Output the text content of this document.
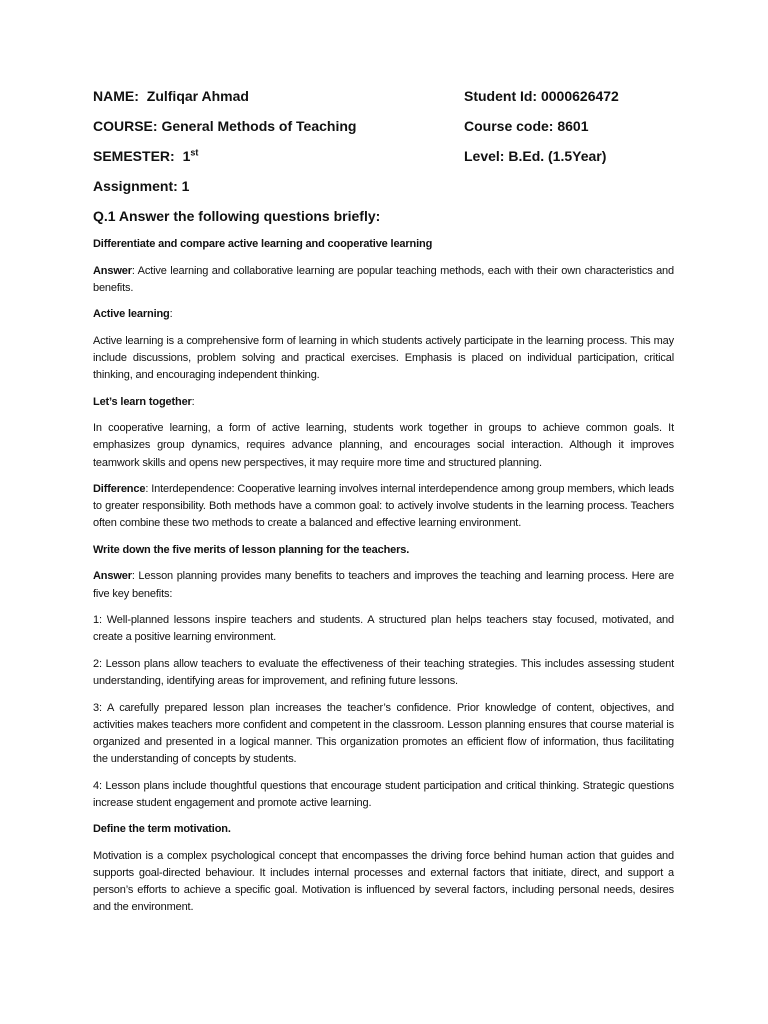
NAME: Zulfiqar Ahmad	Student Id: 0000626472
COURSE: General Methods of Teaching	Course code: 8601
SEMESTER: 1st	Level: B.Ed. (1.5Year)
Assignment: 1
Q.1 Answer the following questions briefly:

Differentiate and compare active learning and cooperative learning

Answer: Active learning and collaborative learning are popular teaching methods, each with their own characteristics and benefits.

Active learning:

Active learning is a comprehensive form of learning in which students actively participate in the learning process. This may include discussions, problem solving and practical exercises. Emphasis is placed on individual participation, critical thinking, and encouraging independent thinking.

Let’s learn together:

In cooperative learning, a form of active learning, students work together in groups to achieve common goals. It emphasizes group dynamics, requires advance planning, and encourages social interaction. Although it improves teamwork skills and opens new perspectives, it may require more time and structured planning.

Difference: Interdependence: Cooperative learning involves internal interdependence among group members, which leads to greater responsibility. Both methods have a common goal: to actively involve students in the learning process. Teachers often combine these two methods to create a balanced and effective learning environment.

Write down the five merits of lesson planning for the teachers.

Answer: Lesson planning provides many benefits to teachers and improves the teaching and learning process. Here are five key benefits:

1: Well-planned lessons inspire teachers and students. A structured plan helps teachers stay focused, motivated, and create a positive learning environment.

2: Lesson plans allow teachers to evaluate the effectiveness of their teaching strategies. This includes assessing student understanding, identifying areas for improvement, and refining future lessons.

3: A carefully prepared lesson plan increases the teacher’s confidence. Prior knowledge of content, objectives, and activities makes teachers more confident and competent in the classroom. Lesson planning ensures that course material is organized and presented in a logical manner. This organization promotes an efficient flow of information, thus facilitating the understanding of concepts by students.

4: Lesson plans include thoughtful questions that encourage student participation and critical thinking. Strategic questions increase student engagement and promote active learning.

Define the term motivation.

Motivation is a complex psychological concept that encompasses the driving force behind human action that guides and supports goal-directed behaviour. It includes internal processes and external factors that initiate, direct, and support a person’s efforts to achieve a specific goal. Motivation is influenced by several factors, including personal needs, desires and the environment.
